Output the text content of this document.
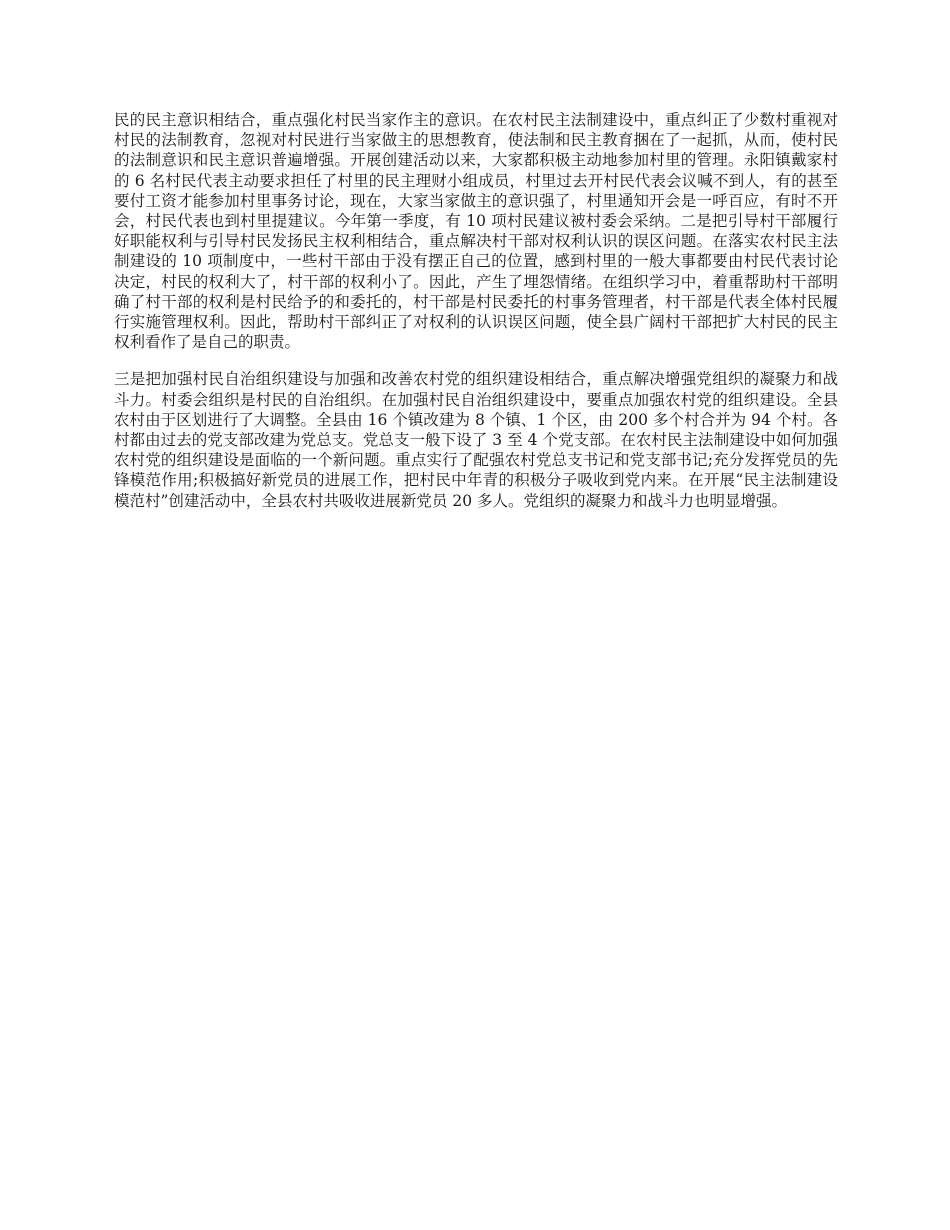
民的民主意识相结合，重点强化村民当家作主的意识。在农村民主法制建设中，重点纠正了少数村重视对村民的法制教育，忽视对村民进行当家做主的思想教育，使法制和民主教育捆在了一起抓，从而，使村民的法制意识和民主意识普遍增强。开展创建活动以来，大家都积极主动地参加村里的管理。永阳镇戴家村的 6 名村民代表主动要求担任了村里的民主理财小组成员，村里过去开村民代表会议喊不到人，有的甚至要付工资才能参加村里事务讨论，现在，大家当家做主的意识强了，村里通知开会是一呼百应，有时不开会，村民代表也到村里提建议。今年第一季度，有 10 项村民建议被村委会采纳。二是把引导村干部履行好职能权利与引导村民发扬民主权利相结合，重点解决村干部对权利认识的误区问题。在落实农村民主法制建设的 10 项制度中，一些村干部由于没有摆正自己的位置，感到村里的一般大事都要由村民代表讨论决定，村民的权利大了，村干部的权利小了。因此，产生了埋怨情绪。在组织学习中，着重帮助村干部明确了村干部的权利是村民给予的和委托的，村干部是村民委托的村事务管理者，村干部是代表全体村民履行实施管理权利。因此，帮助村干部纠正了对权利的认识误区问题，使全县广阔村干部把扩大村民的民主权利看作了是自己的职责。

三是把加强村民自治组织建设与加强和改善农村党的组织建设相结合，重点解决增强党组织的凝聚力和战斗力。村委会组织是村民的自治组织。在加强村民自治组织建设中，要重点加强农村党的组织建设。全县农村由于区划进行了大调整。全县由 16 个镇改建为 8 个镇、1 个区，由 200 多个村合并为 94 个村。各村都由过去的党支部改建为党总支。党总支一般下设了 3 至 4 个党支部。在农村民主法制建设中如何加强农村党的组织建设是面临的一个新问题。重点实行了配强农村党总支书记和党支部书记;充分发挥党员的先锋模范作用;积极搞好新党员的进展工作，把村民中年青的积极分子吸收到党内来。在开展“民主法制建设模范村”创建活动中，全县农村共吸收进展新党员 20 多人。党组织的凝聚力和战斗力也明显增强。
